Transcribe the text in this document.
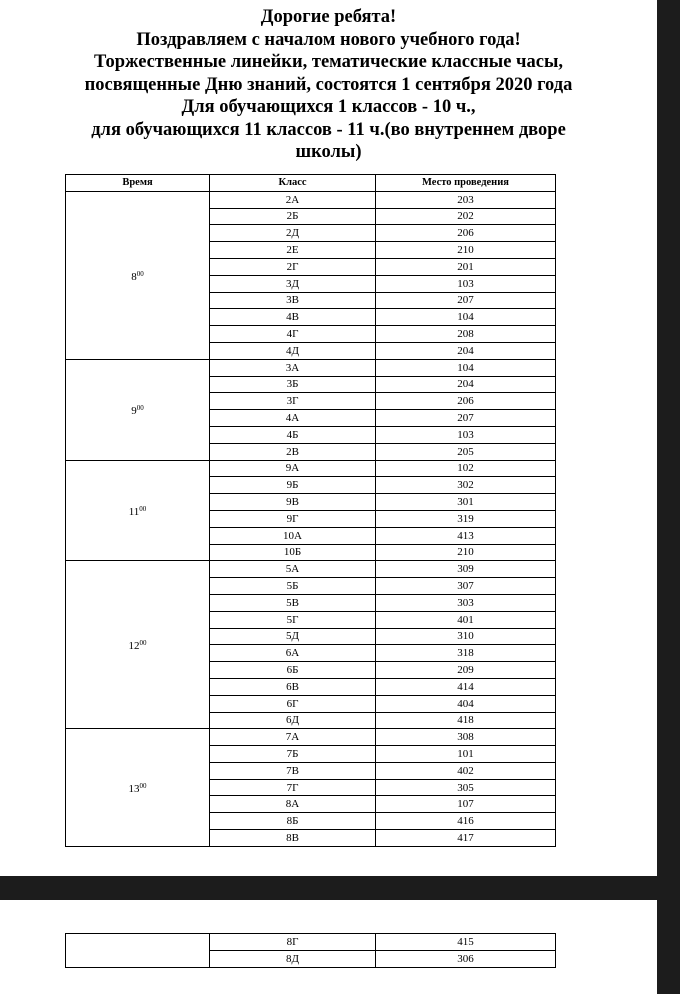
Дорогие ребята!
Поздравляем с началом нового учебного года!
Торжественные линейки, тематические классные часы,
посвященные Дню знаний, состоятся 1 сентября 2020 года
Для обучающихся 1 классов - 10 ч.,
для обучающихся 11 классов - 11 ч.(во внутреннем дворе
школы)
Время	Класс	Место проведения
$8^{00}$	2А	203
	2Б	202
	2Д	206
	2Е	210
	2Г	201
	3Д	103
	3В	207
	4В	104
	4Г	208
	4Д	204
$9^{00}$	3А	104
	3Б	204
	3Г	206
	4А	207
	4Б	103
	2В	205
$11^{00}$	9А	102
	9Б	302
	9В	301
	9Г	319
	10А	413
	10Б	210
$12^{00}$	5А	309
	5Б	307
	5В	303
	5Г	401
	5Д	310
	6А	318
	6Б	209
	6В	414
	6Г	404
	6Д	418
$13^{00}$	7А	308
	7Б	101
	7В	402
	7Г	305
	8А	107
	8Б	416
	8В	417
	8Г	415
	8Д	306
